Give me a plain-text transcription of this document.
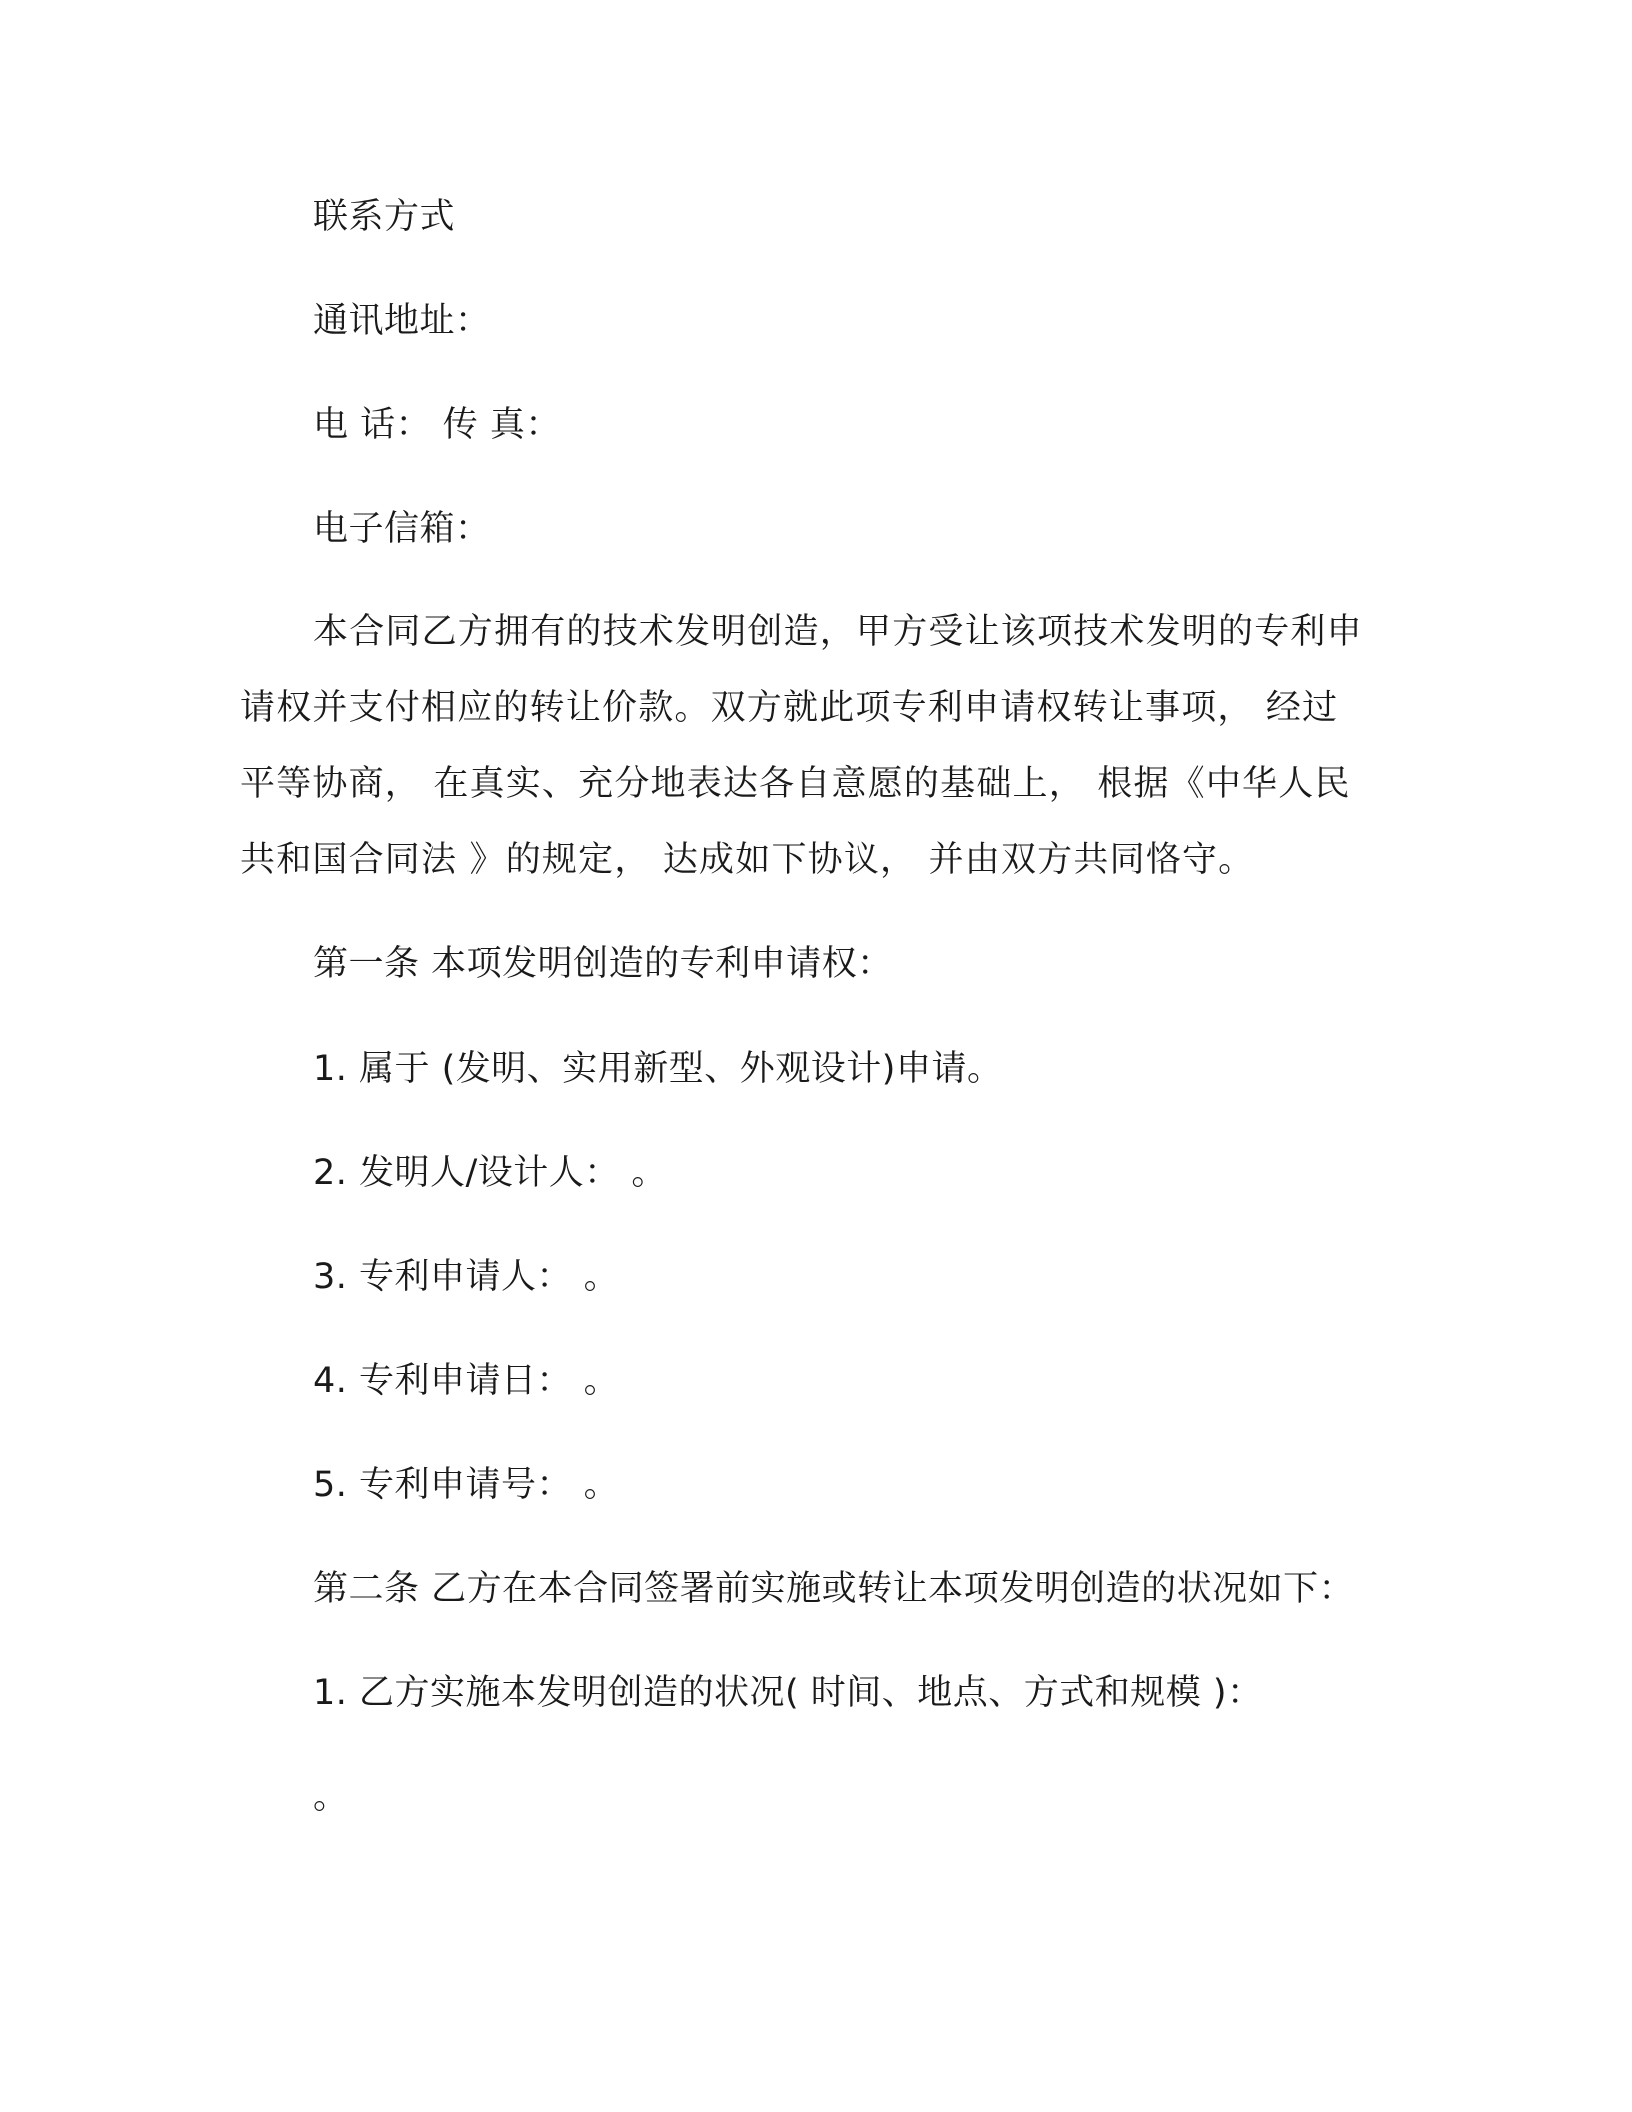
联系方式
通讯地址：
电 话： 传 真：
电子信箱：
本合同乙方拥有的技术发明创造，甲方受让该项技术发明的专利申请权并支付相应的转让价款。双方就此项专利申请权转让事项， 经过平等协商， 在真实、充分地表达各自意愿的基础上， 根据《中华人民共和国合同法 》的规定， 达成如下协议， 并由双方共同恪守。
第一条 本项发明创造的专利申请权：
1. 属于 (发明、实用新型、外观设计)申请。
2. 发明人/设计人： 。
3. 专利申请人： 。
4. 专利申请日： 。
5. 专利申请号： 。
第二条 乙方在本合同签署前实施或转让本项发明创造的状况如下：
1. 乙方实施本发明创造的状况( 时间、地点、方式和规模 )：
。
